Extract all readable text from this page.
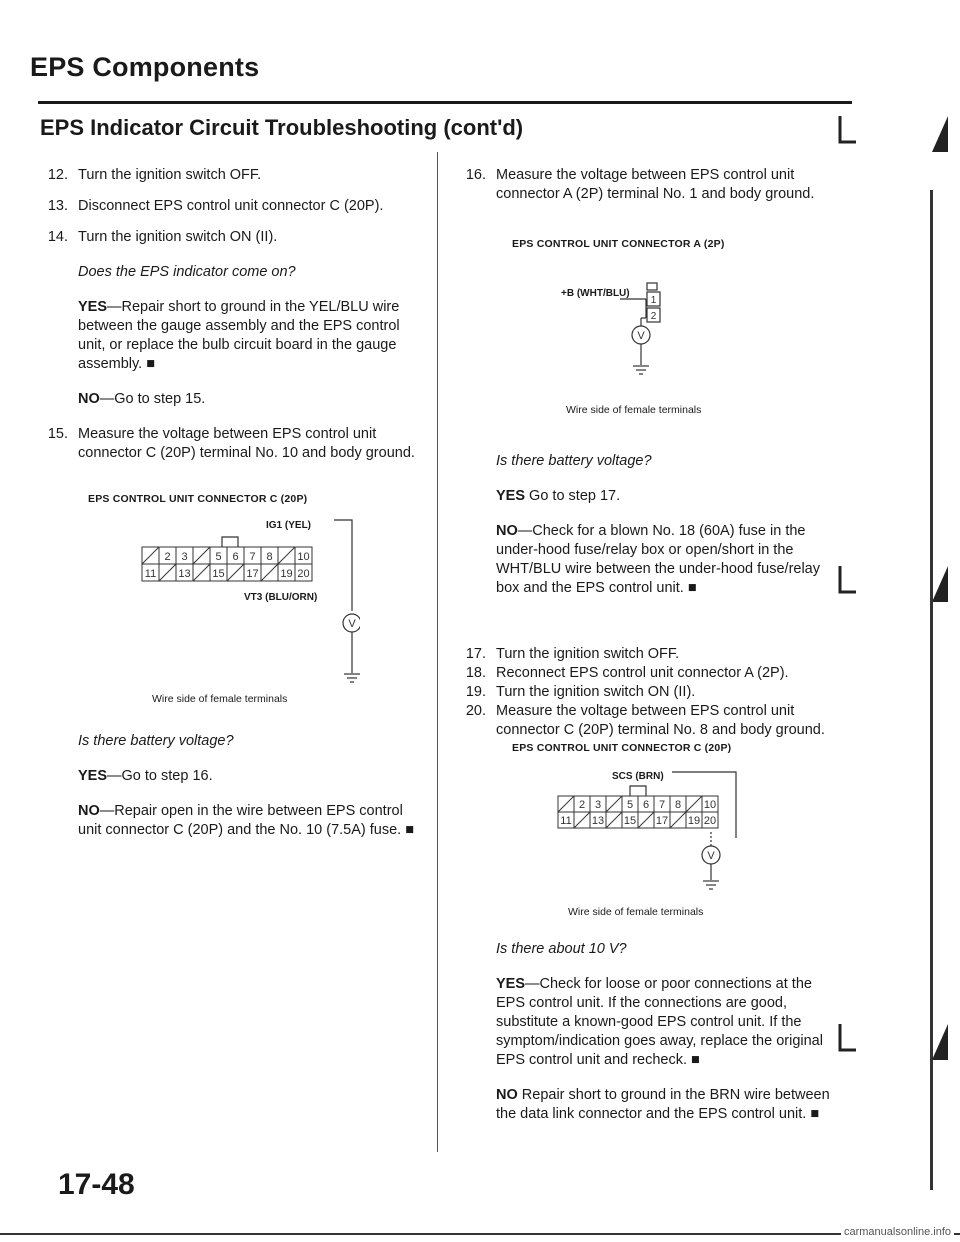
EPS Components
EPS Indicator Circuit Troubleshooting (cont'd)
12. Turn the ignition switch OFF.
13. Disconnect EPS control unit connector C (20P).
14. Turn the ignition switch ON (II).
Does the EPS indicator come on?
YES—Repair short to ground in the YEL/BLU wire between the gauge assembly and the EPS control unit, or replace the bulb circuit board in the gauge assembly. ■
NO—Go to step 15.
15. Measure the voltage between EPS control unit connector C (20P) terminal No. 10 and body ground.
EPS CONTROL UNIT CONNECTOR C (20P)
IG1 (YEL)
2 3	5 6 7 8 10
11 13 15 17 19 20
VT3 (BLU/ORN)
V
Wire side of female terminals
Is there battery voltage?
YES—Go to step 16.
NO—Repair open in the wire between EPS control unit connector C (20P) and the No. 10 (7.5A) fuse. ■
16. Measure the voltage between EPS control unit connector A (2P) terminal No. 1 and body ground.
EPS CONTROL UNIT CONNECTOR A (2P)
+B (WHT/BLU)
1
2
V
Wire side of female terminals
Is there battery voltage?
YES Go to step 17.
NO—Check for a blown No. 18 (60A) fuse in the under-hood fuse/relay box or open/short in the WHT/BLU wire between the under-hood fuse/relay box and the EPS control unit. ■
17. Turn the ignition switch OFF.
18. Reconnect EPS control unit connector A (2P).
19. Turn the ignition switch ON (II).
20. Measure the voltage between EPS control unit connector C (20P) terminal No. 8 and body ground.
EPS CONTROL UNIT CONNECTOR C (20P)
SCS (BRN)
2 3 5 6 7 8 10
11 13 15 17 19 20
V
Wire side of female terminals
Is there about 10 V?
YES—Check for loose or poor connections at the EPS control unit. If the connections are good, substitute a known-good EPS control unit. If the symptom/indication goes away, replace the original EPS control unit and recheck. ■
NO Repair short to ground in the BRN wire between the data link connector and the EPS control unit. ■
17-48
carmanualsonline.info
